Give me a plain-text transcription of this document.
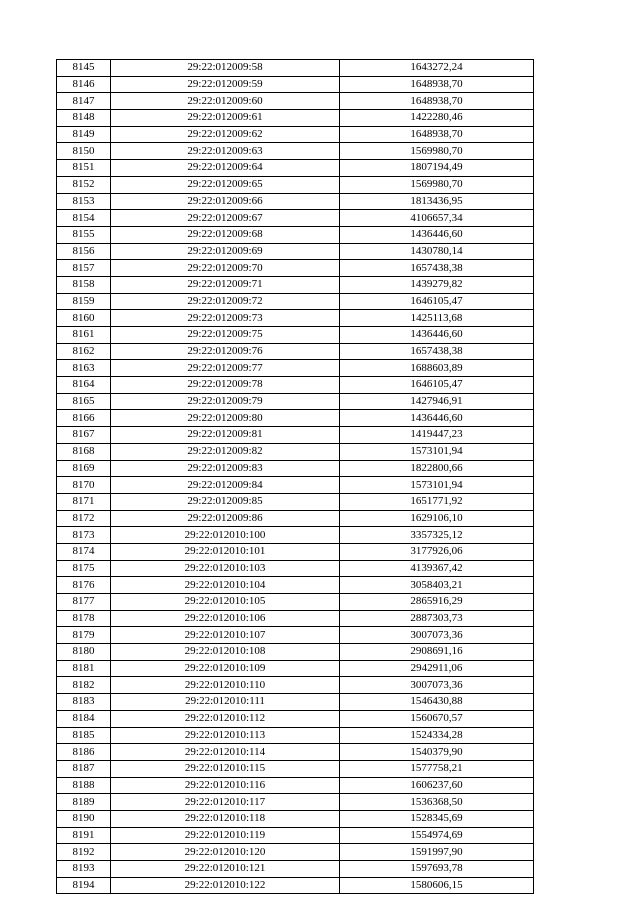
8145	29:22:012009:58	1643272,24
8146	29:22:012009:59	1648938,70
8147	29:22:012009:60	1648938,70
8148	29:22:012009:61	1422280,46
8149	29:22:012009:62	1648938,70
8150	29:22:012009:63	1569980,70
8151	29:22:012009:64	1807194,49
8152	29:22:012009:65	1569980,70
8153	29:22:012009:66	1813436,95
8154	29:22:012009:67	4106657,34
8155	29:22:012009:68	1436446,60
8156	29:22:012009:69	1430780,14
8157	29:22:012009:70	1657438,38
8158	29:22:012009:71	1439279,82
8159	29:22:012009:72	1646105,47
8160	29:22:012009:73	1425113,68
8161	29:22:012009:75	1436446,60
8162	29:22:012009:76	1657438,38
8163	29:22:012009:77	1688603,89
8164	29:22:012009:78	1646105,47
8165	29:22:012009:79	1427946,91
8166	29:22:012009:80	1436446,60
8167	29:22:012009:81	1419447,23
8168	29:22:012009:82	1573101,94
8169	29:22:012009:83	1822800,66
8170	29:22:012009:84	1573101,94
8171	29:22:012009:85	1651771,92
8172	29:22:012009:86	1629106,10
8173	29:22:012010:100	3357325,12
8174	29:22:012010:101	3177926,06
8175	29:22:012010:103	4139367,42
8176	29:22:012010:104	3058403,21
8177	29:22:012010:105	2865916,29
8178	29:22:012010:106	2887303,73
8179	29:22:012010:107	3007073,36
8180	29:22:012010:108	2908691,16
8181	29:22:012010:109	2942911,06
8182	29:22:012010:110	3007073,36
8183	29:22:012010:111	1546430,88
8184	29:22:012010:112	1560670,57
8185	29:22:012010:113	1524334,28
8186	29:22:012010:114	1540379,90
8187	29:22:012010:115	1577758,21
8188	29:22:012010:116	1606237,60
8189	29:22:012010:117	1536368,50
8190	29:22:012010:118	1528345,69
8191	29:22:012010:119	1554974,69
8192	29:22:012010:120	1591997,90
8193	29:22:012010:121	1597693,78
8194	29:22:012010:122	1580606,15
